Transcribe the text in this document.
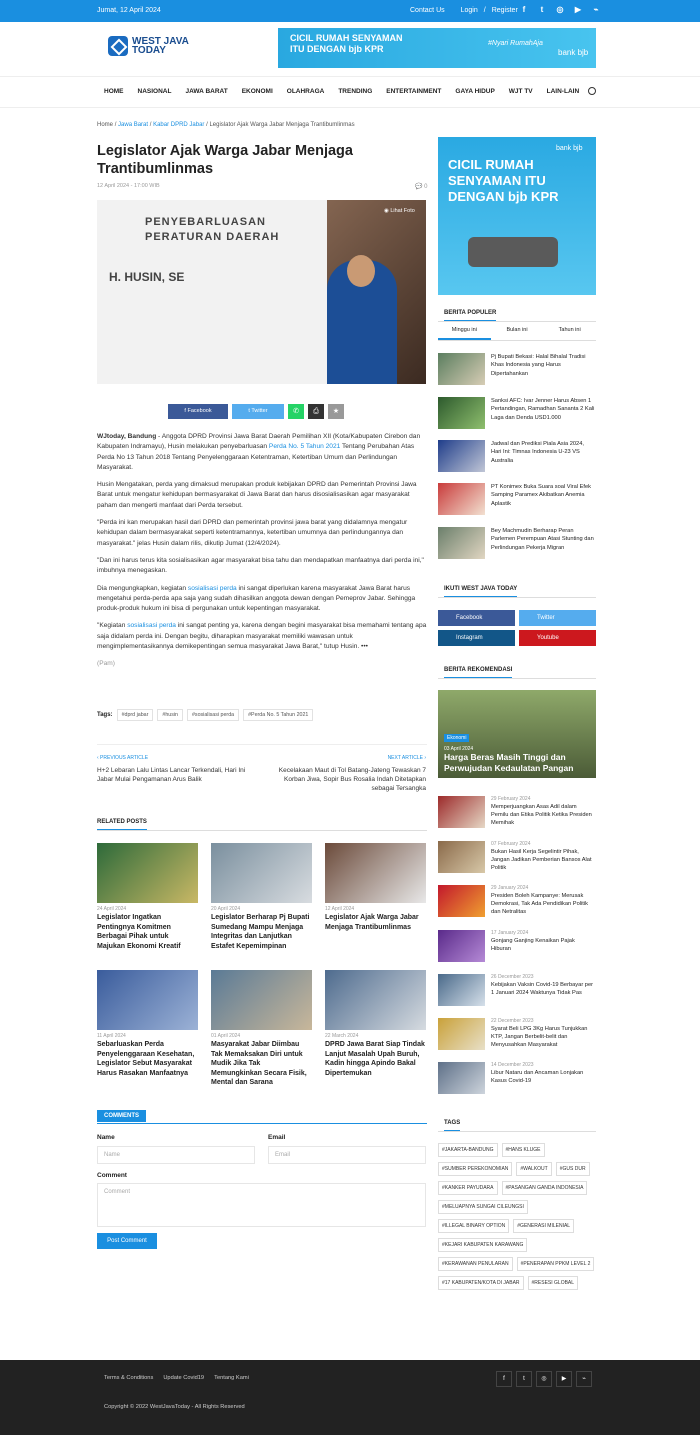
Jumat, 12 April 2024	Contact Us Login / Register f	t	◎ ▶ ⌁
WEST JAVA
TODAY
CICIL RUMAH SENYAMAN
ITU DENGAN bjb KPR
#Nyari RumahAja
bank bjb
HOME NASIONAL JAWA BARAT EKONOMI OLAHRAGA TRENDING ENTERTAINMENT GAYA HIDUP WJT TV LAIN-LAIN
Home / Jawa Barat / Kabar DPRD Jabar / Legislator Ajak Warga Jabar Menjaga Trantibumlinmas
Legislator Ajak Warga Jabar Menjaga Trantibumlinmas
12 April 2024 - 17:00 WIB	💬 0
PENYEBARLUASAN
PERATURAN DAERAH
H. HUSIN, SE
◉ Lihat Foto
f Facebook	t Twitter	✆	⎙	★

WJtoday, Bandung - Anggota DPRD Provinsi Jawa Barat Daerah Pemilihan XII (Kota/Kabupaten Cirebon dan Kabupaten Indramayu), Husin melakukan penyebarluasan Perda No. 5 Tahun 2021 Tentang Perubahan Atas Perda No 13 Tahun 2018 Tentang Penyelenggaraan Ketentraman, Ketertiban Umum dan Perlindungan Masyarakat.

Husin Mengatakan, perda yang dimaksud merupakan produk kebijakan DPRD dan Pemerintah Provinsi Jawa Barat untuk mengatur kehidupan bermasyarakat di Jawa Barat dan harus disosialisasikan agar masyarakat paham dan mengerti manfaat dari Perda tersebut.

"Perda ini kan merupakan hasil dari DPRD dan pemerintah provinsi jawa barat yang didalamnya mengatur kehidupan dalam bermasyarakat seperti ketentramannya, ketertiban umumnya dan perlindungannya dan masyarakat." jelas Husin dalam rilis, dikutip Jumat (12/4/2024).

"Dan ini harus terus kita sosialisasikan agar masyarakat bisa tahu dan mendapatkan manfaatnya dari perda ini," imbuhnya menegaskan.

Dia mengungkapkan, kegiatan sosialisasi perda ini sangat diperlukan karena masyarakat Jawa Barat harus mengetahui perda-perda apa saja yang sudah dihasilkan anggota dewan dengan Pemeprov Jabar. Sehingga produk-produk hukum ini bisa di pergunakan untuk kepentingan masyarakat.

"Kegiatan sosialisasi perda ini sangat penting ya, karena dengan begini masyarakat bisa memahami tentang apa saja didalam perda ini. Dengan begitu, diharapkan masyarakat memiliki wawasan untuk mengimplementasikannya demikepentingan semua masyarakat Jawa Barat," tutup Husin. •••

(Pam)

Tags:	#dprd jabar	#husin	#sosialisasi perda	#Perda No. 5 Tahun 2021
‹ PREVIOUS ARTICLE
H+2 Lebaran Lalu Lintas Lancar Terkendali, Hari Ini Jabar Mulai Pengamanan Arus Balik
NEXT ARTICLE ›
Kecelakaan Maut di Tol Batang-Jateng Tewaskan 7 Korban Jiwa, Sopir Bus Rosalia Indah Ditetapkan sebagai Tersangka
RELATED POSTS
24 April 2024
Legislator Ingatkan Pentingnya Komitmen Berbagai Pihak untuk Majukan Ekonomi Kreatif
20 April 2024
Legislator Berharap Pj Bupati Sumedang Mampu Menjaga Integritas dan Lanjutkan Estafet Kepemimpinan
12 April 2024
Legislator Ajak Warga Jabar Menjaga Trantibumlinmas
11 April 2024
Sebarluaskan Perda Penyelenggaraan Kesehatan, Legislator Sebut Masyarakat Harus Rasakan Manfaatnya
01 April 2024
Masyarakat Jabar Diimbau Tak Memaksakan Diri untuk Mudik Jika Tak Memungkinkan Secara Fisik, Mental dan Sarana
22 March 2024
DPRD Jawa Barat Siap Tindak Lanjut Masalah Upah Buruh, Kadin hingga Apindo Bakal Dipertemukan
COMMENTS
Name
Name
Email
Email
Comment
Comment
Post Comment
bank bjb
CICIL RUMAH
SENYAMAN ITU
DENGAN bjb KPR
BERITA POPULER
Minggu ini	Bulan ini	Tahun ini
Pj Bupati Bekasi: Halal Bihalal Tradisi Khas Indonesia yang Harus Dipertahankan
Sanksi AFC: Ivar Jenner Harus Absen 1 Pertandingan, Ramadhan Sananta 2 Kali Laga dan Denda USD1.000
Jadwal dan Prediksi Piala Asia 2024, Hari Ini: Timnas Indonesia U-23 VS Australia
PT Konimex Buka Suara soal Viral Efek Samping Paramex Akibatkan Anemia Aplastik
Bey Machmudin Berharap Peran Parlemen Perempuan Atasi Stunting dan Perlindungan Pekerja Migran
IKUTI WEST JAVA TODAY
Facebook	Twitter
Instagram	Youtube
BERITA REKOMENDASI
Ekonomi
03 April 2024
Harga Beras Masih Tinggi dan Perwujudan Kedaulatan Pangan
29 February 2024
Memperjuangkan Asas Adil dalam Pemilu dan Etika Politik Ketika Presiden Memihak
07 February 2024
Bukan Hasil Kerja Segelintir Pihak, Jangan Jadikan Pemberian Bansos Alat Politik
29 January 2024
Presiden Boleh Kampanye: Merusak Demokrasi, Tak Ada Pendidikan Politik dan Netralitas
17 January 2024
Gonjang Ganjing Kenaikan Pajak Hiburan
26 December 2023
Kebijakan Vaksin Covid-19 Berbayar per 1 Januari 2024 Waktunya Tidak Pas
22 December 2023
Syarat Beli LPG 3Kg Harus Tunjukkan KTP, Jangan Berbelit-belit dan Menyusahkan Masyarakat
14 December 2023
Libur Nataru dan Ancaman Lonjakan Kasus Covid-19
TAGS
#JAKARTA-BANDUNG	#HANS KLUGE
#SUMBER PEREKONOMIAN	#WALKOUT	#GUS DUR
#KANKER PAYUDARA	#PASANGAN GANDA INDONESIA
#MELUAPNYA SUNGAI CILEUNGSI
#ILLEGAL BINARY OPTION	#GENERASI MILENIAL
#KEJARI KABUPATEN KARAWANG
#KERAWANAN PENULARAN	#PENERAPAN PPKM LEVEL 2
#17 KABUPATEN/KOTA DI JABAR	#RESESI GLOBAL
Terms & Conditions Update Covid19 Tentang Kami
Copyright © 2022 WestJavaToday - All Rights Reserved
f	t	◎	▶	⌁
